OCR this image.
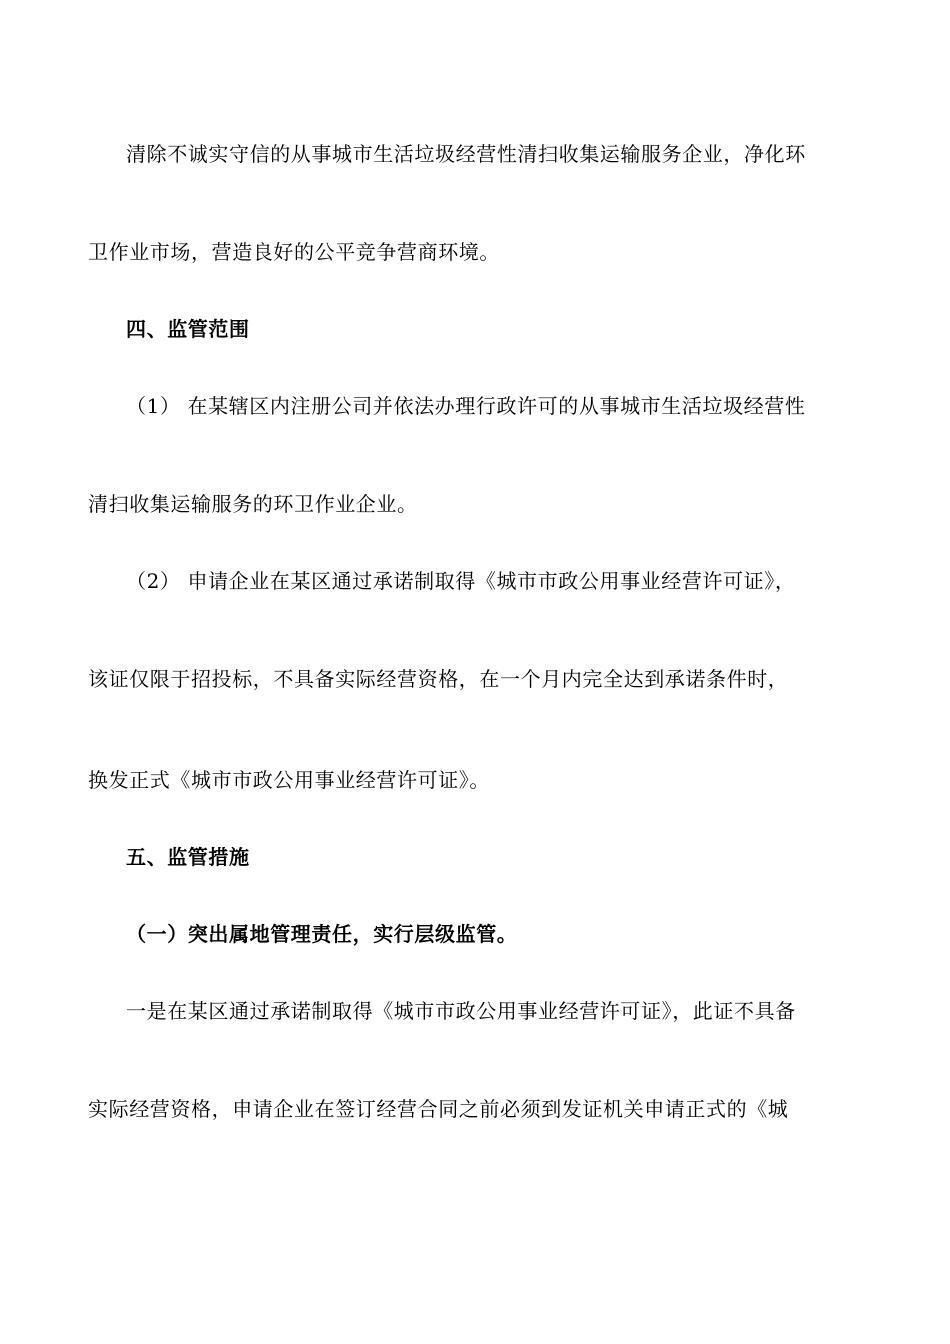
清除不诚实守信的从事城市生活垃圾经营性清扫收集运输服务企业，净化环
卫作业市场，营造良好的公平竞争营商环境。
四、监管范围
（1） 在某辖区内注册公司并依法办理行政许可的从事城市生活垃圾经营性
清扫收集运输服务的环卫作业企业。
（2） 申请企业在某区通过承诺制取得《城市市政公用事业经营许可证》，
该证仅限于招投标，不具备实际经营资格，在一个月内完全达到承诺条件时，
换发正式《城市市政公用事业经营许可证》。
五、监管措施
（一）突出属地管理责任，实行层级监管。
一是在某区通过承诺制取得《城市市政公用事业经营许可证》，此证不具备
实际经营资格，申请企业在签订经营合同之前必须到发证机关申请正式的《城
